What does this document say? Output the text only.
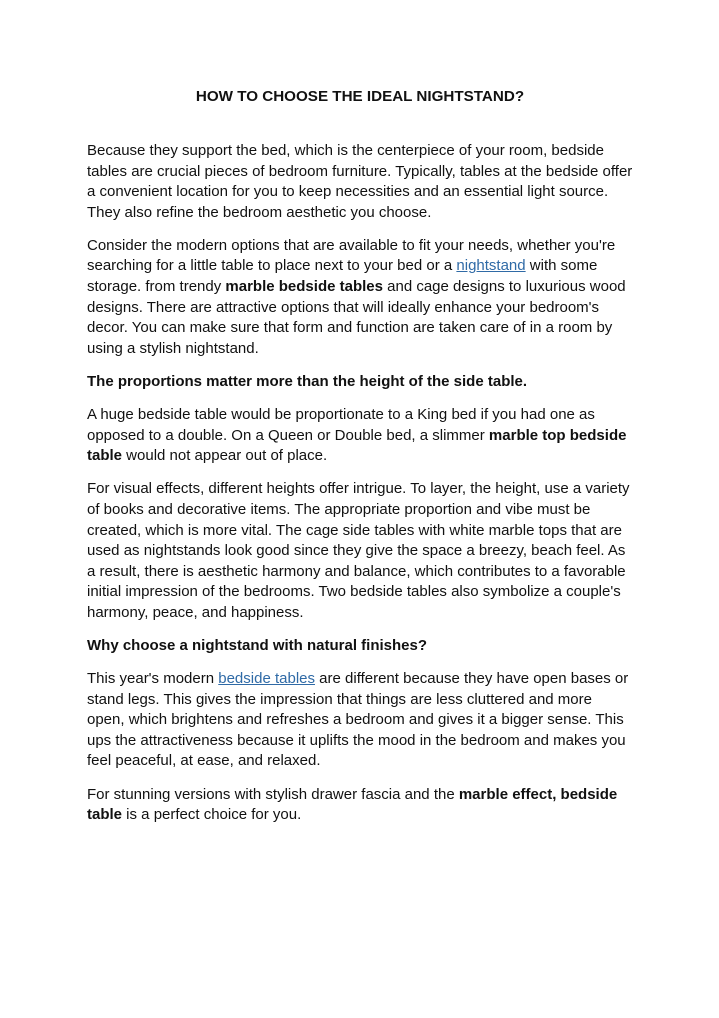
HOW TO CHOOSE THE IDEAL NIGHTSTAND?

Because they support the bed, which is the centerpiece of your room, bedside tables are crucial pieces of bedroom furniture. Typically, tables at the bedside offer a convenient location for you to keep necessities and an essential light source. They also refine the bedroom aesthetic you choose.

Consider the modern options that are available to fit your needs, whether you're searching for a little table to place next to your bed or a nightstand with some storage. from trendy marble bedside tables and cage designs to luxurious wood designs. There are attractive options that will ideally enhance your bedroom's decor. You can make sure that form and function are taken care of in a room by using a stylish nightstand.

The proportions matter more than the height of the side table.

A huge bedside table would be proportionate to a King bed if you had one as opposed to a double. On a Queen or Double bed, a slimmer marble top bedside table would not appear out of place.

For visual effects, different heights offer intrigue. To layer, the height, use a variety of books and decorative items. The appropriate proportion and vibe must be created, which is more vital. The cage side tables with white marble tops that are used as nightstands look good since they give the space a breezy, beach feel. As a result, there is aesthetic harmony and balance, which contributes to a favorable initial impression of the bedrooms. Two bedside tables also symbolize a couple's harmony, peace, and happiness.

Why choose a nightstand with natural finishes?

This year's modern bedside tables are different because they have open bases or stand legs. This gives the impression that things are less cluttered and more open, which brightens and refreshes a bedroom and gives it a bigger sense. This ups the attractiveness because it uplifts the mood in the bedroom and makes you feel peaceful, at ease, and relaxed.

For stunning versions with stylish drawer fascia and the marble effect, bedside table is a perfect choice for you.
